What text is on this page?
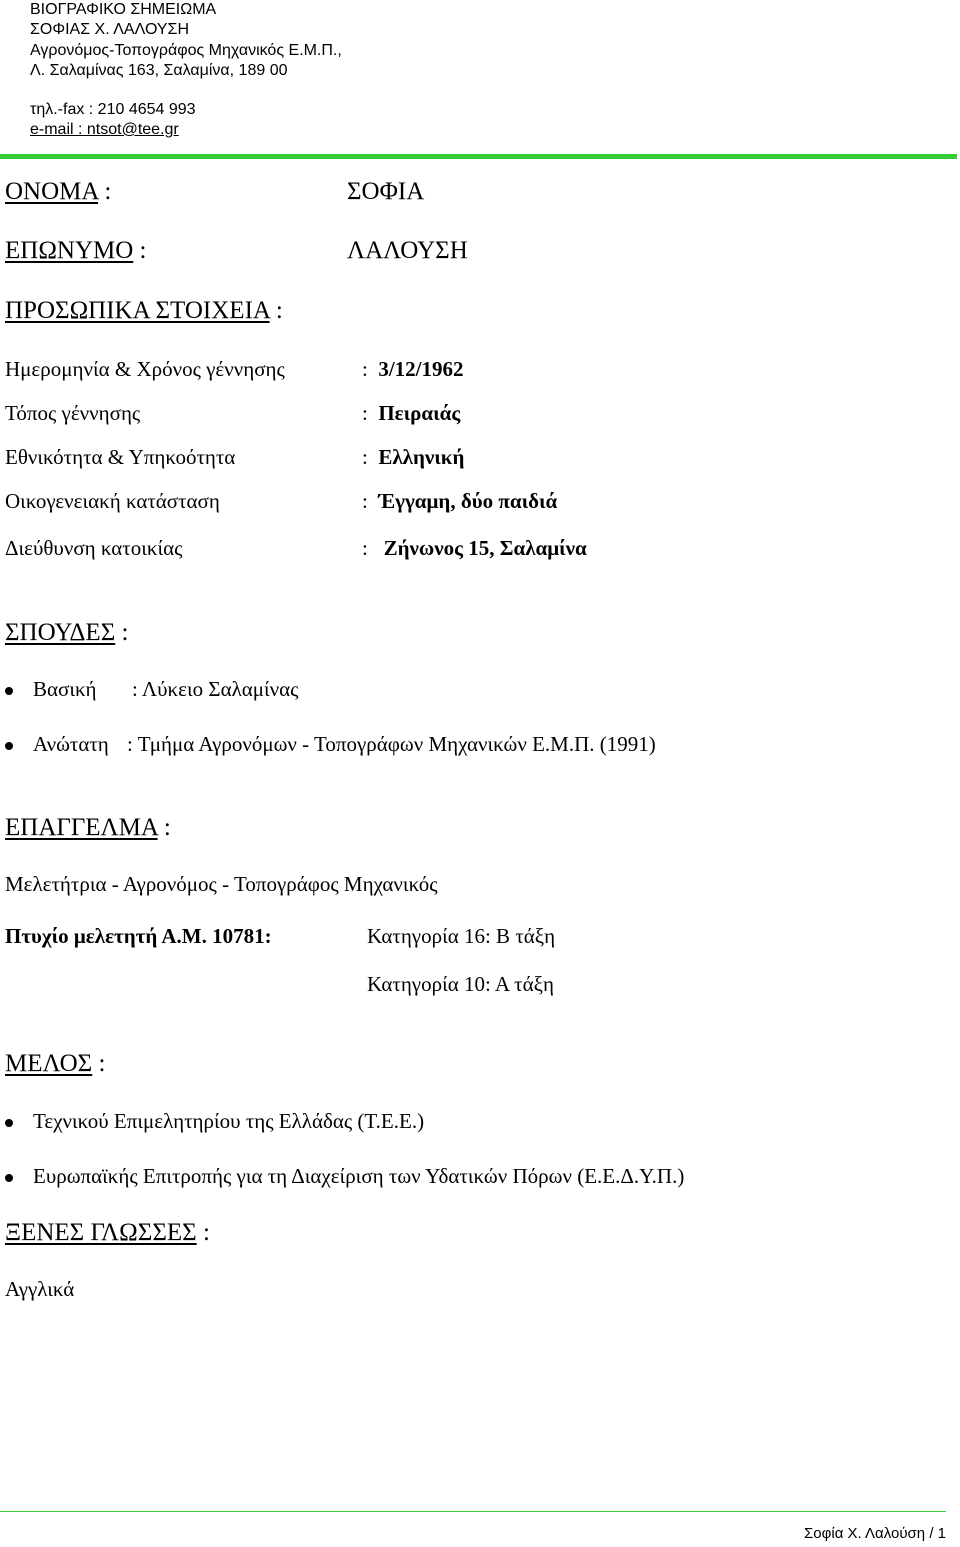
ΒΙΟΓΡΑΦΙΚΟ ΣΗΜΕΙΩΜΑ
ΣΟΦΙΑΣ Χ. ΛΑΛΟΥΣΗ
Αγρονόμος-Τοπογράφος Μηχανικός Ε.Μ.Π.,
Λ. Σαλαμίνας 163, Σαλαμίνα, 189 00
τηλ.-fax : 210 4654 993
e-mail : ntsot@tee.gr
ΟΝΟΜΑ :	ΣΟΦΙΑ
ΕΠΩΝΥΜΟ :	ΛΑΛΟΥΣΗ
ΠΡΟΣΩΠΙΚΑ ΣΤΟΙΧΕΙΑ :
Ημερομηνία & Χρόνος γέννησης	:  3/12/1962
Τόπος γέννησης	:  Πειραιάς
Εθνικότητα & Υπηκοότητα	:  Ελληνική
Οικογενειακή κατάσταση	:  Έγγαμη, δύο παιδιά
Διεύθυνση κατοικίας	:   Ζήνωνος 15, Σαλαμίνα
ΣΠΟΥΔΕΣ :
Βασική : Λύκειο Σαλαμίνας
Ανώτατη : Τμήμα Αγρονόμων - Τοπογράφων Μηχανικών Ε.Μ.Π. (1991)
ΕΠΑΓΓΕΛΜΑ :
Μελετήτρια - Αγρονόμος - Τοπογράφος Μηχανικός
Πτυχίο μελετητή Α.Μ. 10781:	Κατηγορία 16: Β τάξη
Κατηγορία 10: Α τάξη
ΜΕΛΟΣ :
Τεχνικού Επιμελητηρίου της Ελλάδας (Τ.Ε.Ε.)
Ευρωπαϊκής Επιτροπής για τη Διαχείριση των Υδατικών Πόρων (Ε.Ε.Δ.Υ.Π.)
ΞΕΝΕΣ ΓΛΩΣΣΕΣ :
Αγγλικά
Σοφία Χ. Λαλούση / 1
